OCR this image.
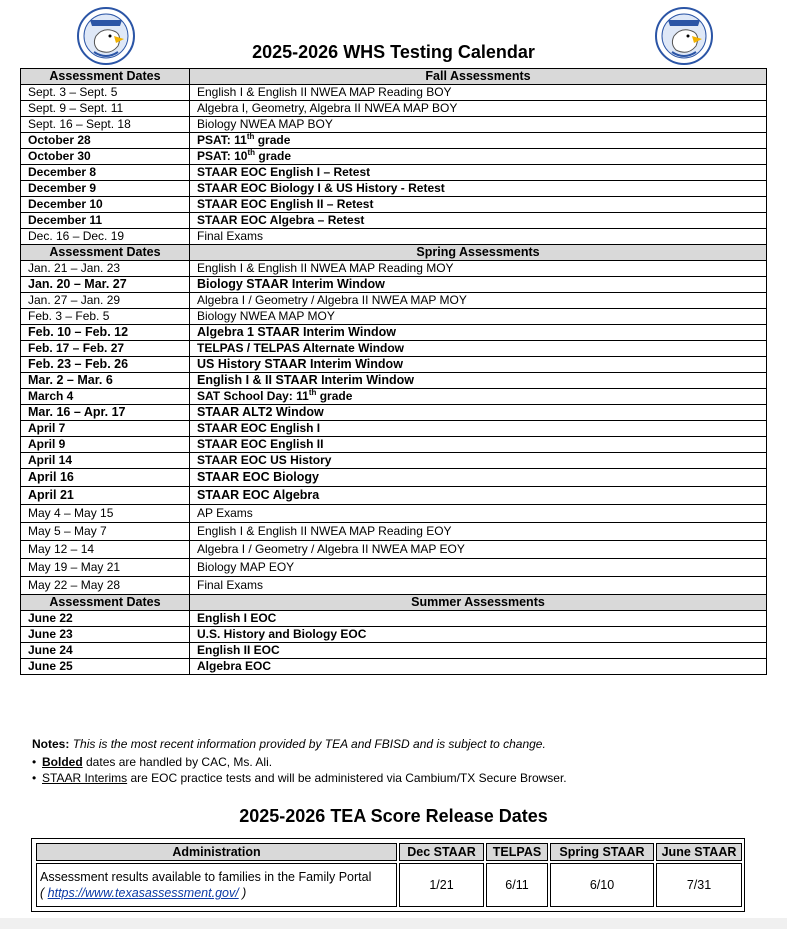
2025-2026 WHS Testing Calendar
Assessment Dates	Fall Assessments
Sept. 3 – Sept. 5	English I & English II NWEA MAP Reading BOY
Sept. 9 – Sept. 11	Algebra I, Geometry, Algebra II NWEA MAP BOY
Sept. 16 – Sept. 18	Biology NWEA MAP BOY
October 28	PSAT: 11th grade
October 30	PSAT: 10th grade
December 8	STAAR EOC English I – Retest
December 9	STAAR EOC Biology I & US History - Retest
December 10	STAAR EOC English II – Retest
December 11	STAAR EOC Algebra – Retest
Dec. 16 – Dec. 19	Final Exams
Assessment Dates	Spring Assessments
Jan. 21 – Jan. 23	English I & English II NWEA MAP Reading MOY
Jan. 20 – Mar. 27	Biology STAAR Interim Window
Jan. 27 – Jan. 29	Algebra I / Geometry / Algebra II NWEA MAP MOY
Feb. 3 – Feb. 5	Biology NWEA MAP MOY
Feb. 10 – Feb. 12	Algebra 1 STAAR Interim Window
Feb. 17 – Feb. 27	TELPAS / TELPAS Alternate Window
Feb. 23 – Feb. 26	US History STAAR Interim Window
Mar. 2 – Mar. 6	English I & II STAAR Interim Window
March 4	SAT School Day: 11th grade
Mar. 16 – Apr. 17	STAAR ALT2 Window
April 7	STAAR EOC English I
April 9	STAAR EOC English II
April 14	STAAR EOC US History
April 16	STAAR EOC Biology
April 21	STAAR EOC Algebra
May 4 – May 15	AP Exams
May 5 – May 7	English I & English II NWEA MAP Reading EOY
May 12 – 14	Algebra I / Geometry / Algebra II NWEA MAP EOY
May 19 – May 21	Biology MAP EOY
May 22 – May 28	Final Exams
Assessment Dates	Summer Assessments
June 22	English I EOC
June 23	U.S. History and Biology EOC
June 24	English II EOC
June 25	Algebra EOC
Notes: This is the most recent information provided by TEA and FBISD and is subject to change.
• Bolded dates are handled by CAC, Ms. Ali.
• STAAR Interims are EOC practice tests and will be administered via Cambium/TX Secure Browser.
2025-2026 TEA Score Release Dates
Administration	Dec STAAR	TELPAS	Spring STAAR	June STAAR
Assessment results available to families in the Family Portal
( https://www.texasassessment.gov/ )	1/21	6/11	6/10	7/31
